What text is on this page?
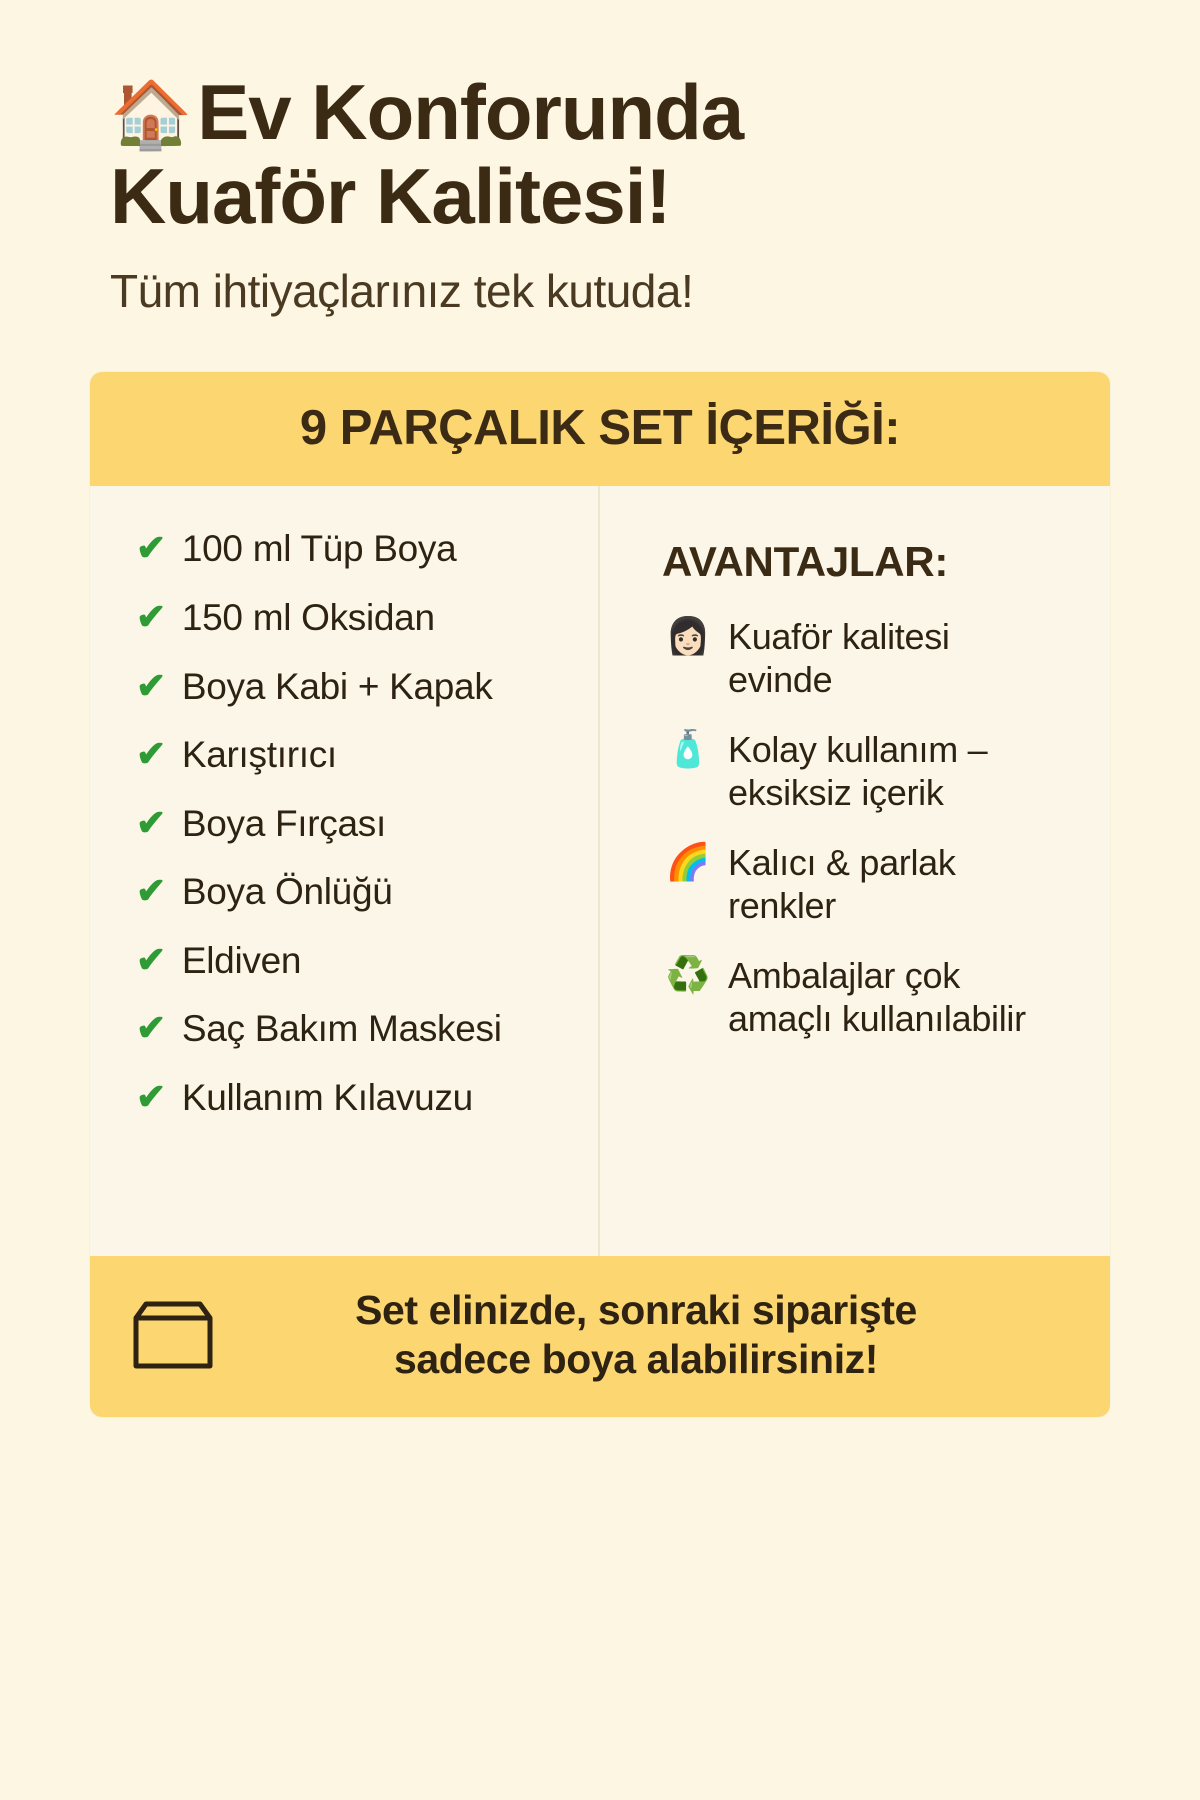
🏠Ev Konforunda
Kuaför Kalitesi!

Tüm ihtiyaçlarınız tek kutuda!

9 PARÇALIK SET İÇERİĞİ:
✔ 100 ml Tüp Boya
✔ 150 ml Oksidan
✔ Boya Kabi + Kapak
✔ Karıştırıcı
✔ Boya Fırçası
✔ Boya Önlüğü
✔ Eldiven
✔ Saç Bakım Maskesi
✔ Kullanım Kılavuzu
AVANTAJLAR:
👩🏻 Kuaför kalitesi evinde
🧴 Kolay kullanım – eksiksiz içerik
🌈 Kalıcı & parlak renkler
♻️ Ambalajlar çok amaçlı kullanılabilir
Set elinizde, sonraki siparişte
sadece boya alabilirsiniz!
